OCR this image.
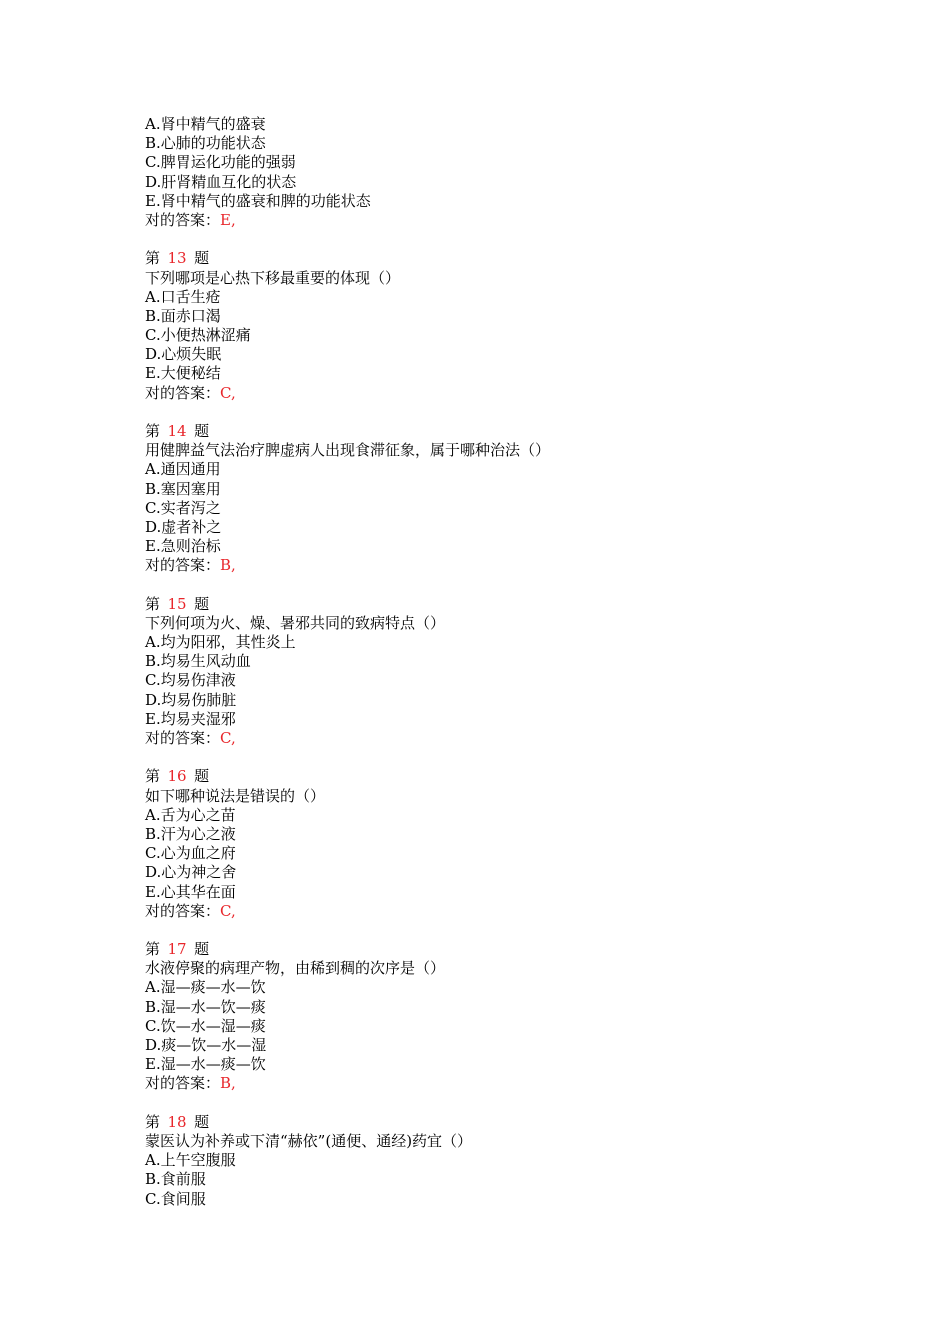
A.肾中精气的盛衰
B.心肺的功能状态
C.脾胃运化功能的强弱
D.肝肾精血互化的状态
E.肾中精气的盛衰和脾的功能状态
对的答案：E,
第 13 题
下列哪项是心热下移最重要的体现（）
A.口舌生疮
B.面赤口渴
C.小便热淋涩痛
D.心烦失眠
E.大便秘结
对的答案：C,
第 14 题
用健脾益气法治疗脾虚病人出现食滞征象，属于哪种治法（）
A.通因通用
B.塞因塞用
C.实者泻之
D.虚者补之
E.急则治标
对的答案：B,
第 15 题
下列何项为火、燥、暑邪共同的致病特点（）
A.均为阳邪，其性炎上
B.均易生风动血
C.均易伤津液
D.均易伤肺脏
E.均易夹湿邪
对的答案：C,
第 16 题
如下哪种说法是错误的（）
A.舌为心之苗
B.汗为心之液
C.心为血之府
D.心为神之舍
E.心其华在面
对的答案：C,
第 17 题
水液停聚的病理产物，由稀到稠的次序是（）
A.湿—痰—水—饮
B.湿—水—饮—痰
C.饮—水—湿—痰
D.痰—饮—水—湿
E.湿—水—痰—饮
对的答案：B,
第 18 题
蒙医认为补养或下清“赫依”(通便、通经)药宜（）
A.上午空腹服
B.食前服
C.食间服
